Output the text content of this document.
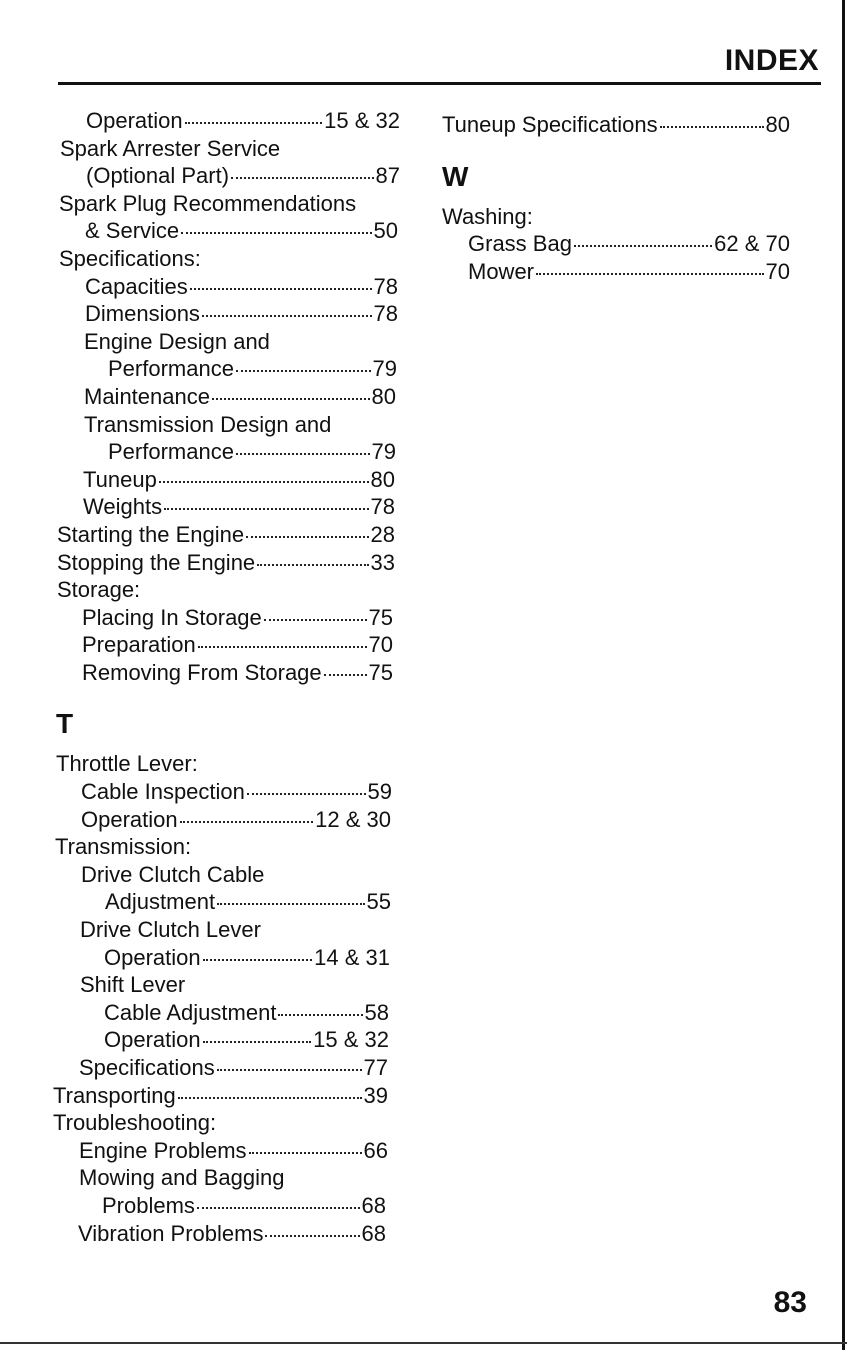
INDEX
Operation	15 & 32
Spark Arrester Service
(Optional Part)	87
Spark Plug Recommendations
& Service	50
Specifications:
Capacities	78
Dimensions	78
Engine Design and
Performance	79
Maintenance	80
Transmission Design and
Performance	79
Tuneup	80
Weights	78
Starting the Engine	28
Stopping the Engine	33
Storage:
Placing In Storage	75
Preparation	70
Removing From Storage 75
T
Throttle Lever:
Cable Inspection	59
Operation	12 & 30
Transmission:
Drive Clutch Cable
Adjustment	55
Drive Clutch Lever
Operation	14 & 31
Shift Lever
Cable Adjustment	58
Operation	15 & 32
Specifications	77
Transporting	39
Troubleshooting:
Engine Problems	66
Mowing and Bagging
Problems	68
Vibration Problems	68
Tuneup Specifications	80
W
Washing:
Grass Bag	62 & 70
Mower	70
83
